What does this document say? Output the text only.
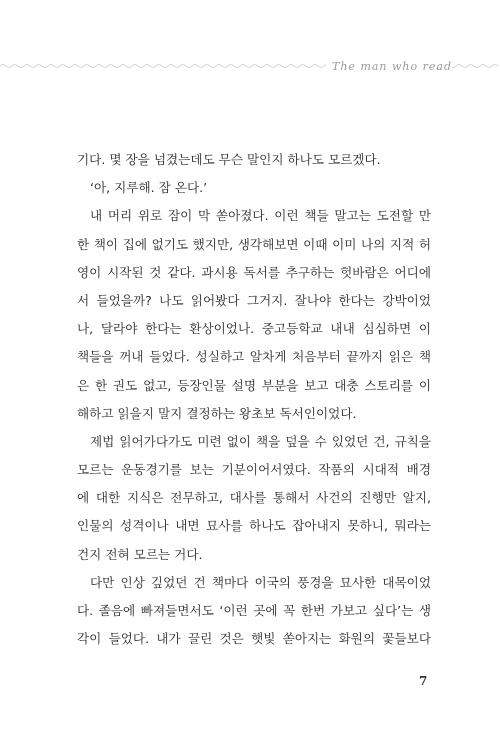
The man who read
기다. 몇 장을 넘겼는데도 무슨 말인지 하나도 모르겠다.
‘아, 지루해. 잠 온다.’
내 머리 위로 잠이 막 쏟아졌다. 이런 책들 말고는 도전할 만
한 책이 집에 없기도 했지만, 생각해보면 이때 이미 나의 지적 허
영이 시작된 것 같다. 과시용 독서를 추구하는 헛바람은 어디에
서 들었을까? 나도 읽어봤다 그거지. 잘나야 한다는 강박이었
나, 달라야 한다는 환상이었나. 중고등학교 내내 심심하면 이
책들을 꺼내 들었다. 성실하고 알차게 처음부터 끝까지 읽은 책
은 한 권도 없고, 등장인물 설명 부분을 보고 대충 스토리를 이
해하고 읽을지 말지 결정하는 왕초보 독서인이었다.
제법 읽어가다가도 미련 없이 책을 덮을 수 있었던 건, 규칙을
모르는 운동경기를 보는 기분이어서였다. 작품의 시대적 배경
에 대한 지식은 전무하고, 대사를 통해서 사건의 진행만 알지,
인물의 성격이나 내면 묘사를 하나도 잡아내지 못하니, 뭐라는
건지 전혀 모르는 거다.
다만 인상 깊었던 건 책마다 이국의 풍경을 묘사한 대목이었
다. 졸음에 빠져들면서도 ‘이런 곳에 꼭 한번 가보고 싶다’는 생
각이 들었다. 내가 끌린 것은 햇빛 쏟아지는 화원의 꽃들보다
7
